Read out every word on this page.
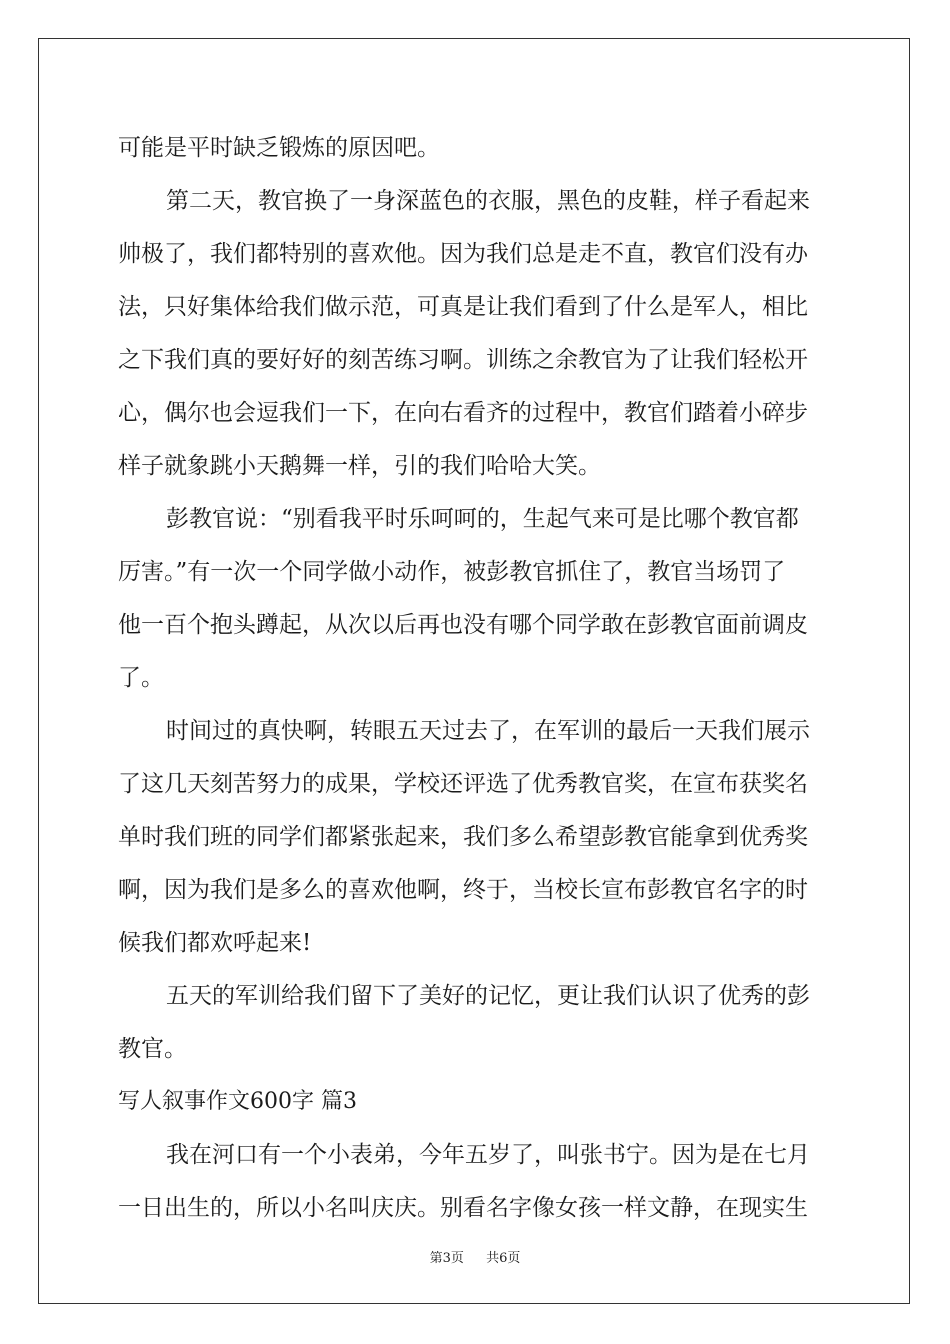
可能是平时缺乏锻炼的原因吧。
第二天，教官换了一身深蓝色的衣服，黑色的皮鞋，样子看起来
帅极了，我们都特别的喜欢他。因为我们总是走不直，教官们没有办
法，只好集体给我们做示范，可真是让我们看到了什么是军人，相比
之下我们真的要好好的刻苦练习啊。训练之余教官为了让我们轻松开
心，偶尔也会逗我们一下，在向右看齐的过程中，教官们踏着小碎步
样子就象跳小天鹅舞一样，引的我们哈哈大笑。
彭教官说：“别看我平时乐呵呵的，生起气来可是比哪个教官都
厉害。”有一次一个同学做小动作，被彭教官抓住了，教官当场罚了
他一百个抱头蹲起，从次以后再也没有哪个同学敢在彭教官面前调皮
了。
时间过的真快啊，转眼五天过去了，在军训的最后一天我们展示
了这几天刻苦努力的成果，学校还评选了优秀教官奖，在宣布获奖名
单时我们班的同学们都紧张起来，我们多么希望彭教官能拿到优秀奖
啊，因为我们是多么的喜欢他啊，终于，当校长宣布彭教官名字的时
候我们都欢呼起来!
五天的军训给我们留下了美好的记忆，更让我们认识了优秀的彭
教官。
写人叙事作文600字 篇3
我在河口有一个小表弟，今年五岁了，叫张书宁。因为是在七月
一日出生的，所以小名叫庆庆。别看名字像女孩一样文静，在现实生
第3页 共6页
